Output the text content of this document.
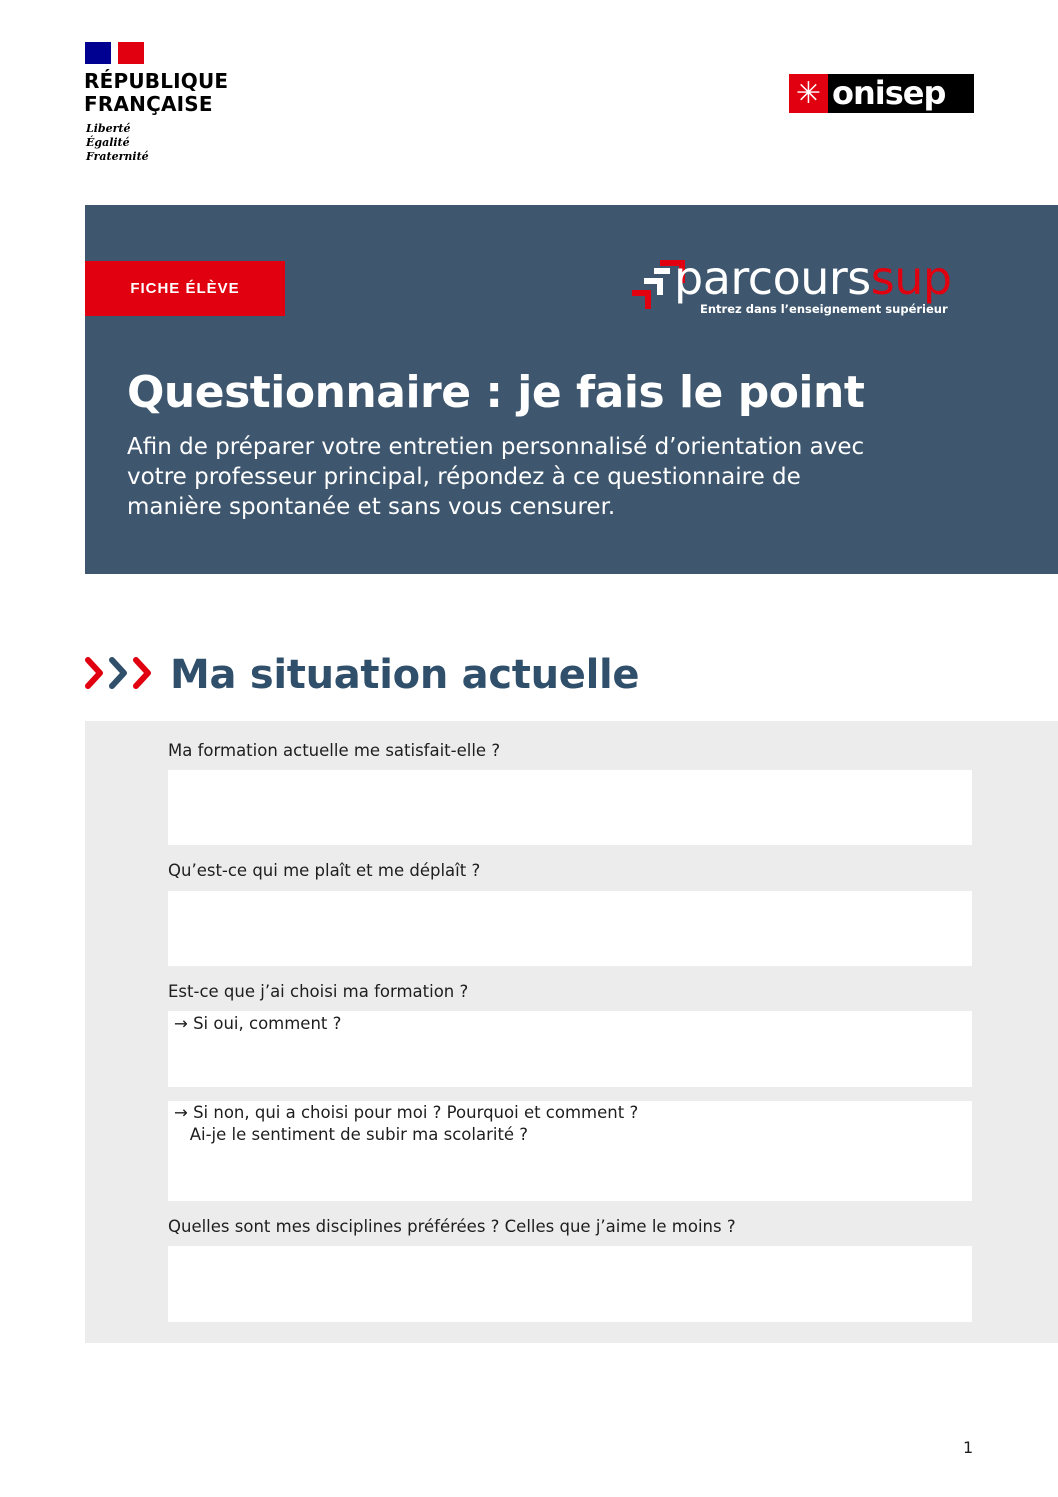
RÉPUBLIQUE
FRANÇAISE
Liberté
Égalité
Fraternité
✳ onisep
FICHE ÉLÈVE	parcourssup
Entrez dans l’enseignement supérieur
Questionnaire : je fais le point
Afin de préparer votre entretien personnalisé d’orientation avec votre professeur principal, répondez à ce questionnaire de manière spontanée et sans vous censurer.
Ma situation actuelle
Ma formation actuelle me satisfait-elle ?
Qu’est-ce qui me plaît et me déplaît ?
Est-ce que j’ai choisi ma formation ?
→ Si oui, comment ?
→ Si non, qui a choisi pour moi ? Pourquoi et comment ?
Ai-je le sentiment de subir ma scolarité ?
Quelles sont mes disciplines préférées ? Celles que j’aime le moins ?
1
